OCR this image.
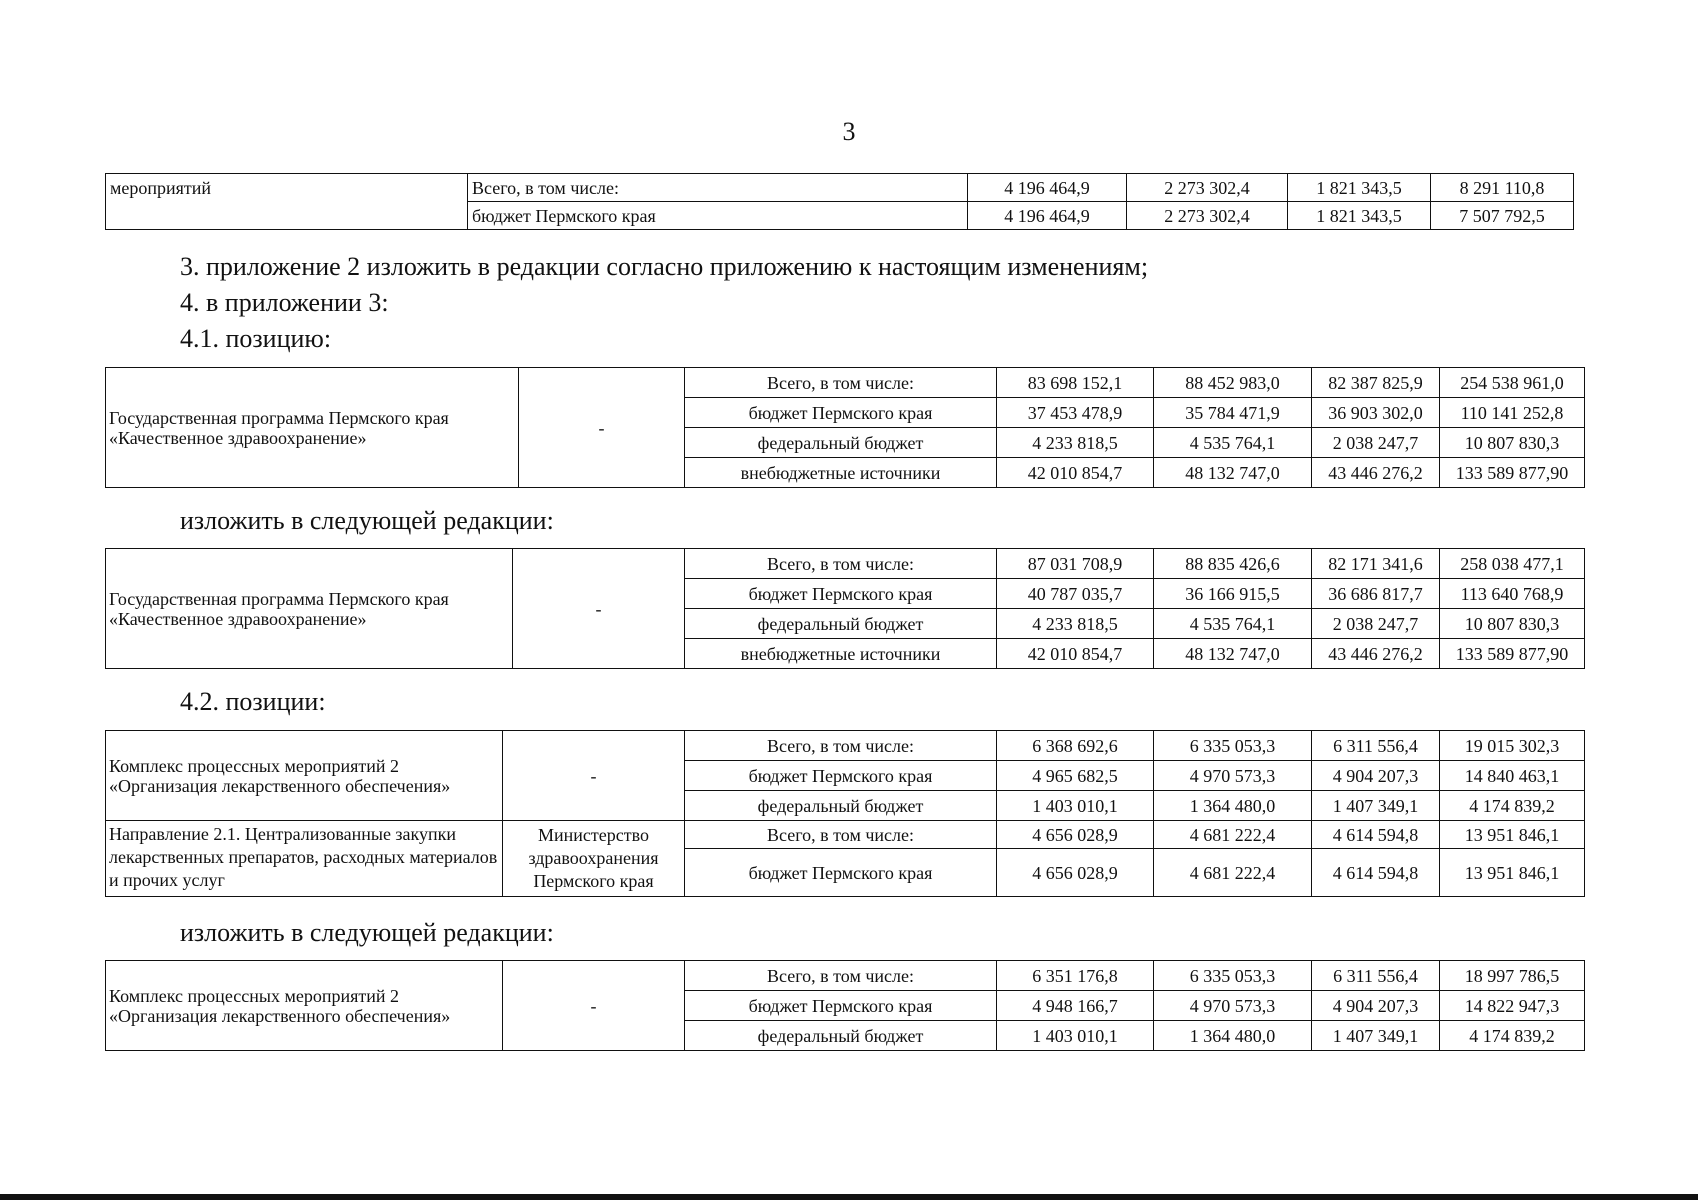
3
мероприятий	Всего, в том числе:	4 196 464,9	2 273 302,4	1 821 343,5	8 291 110,8
	бюджет Пермского края	4 196 464,9	2 273 302,4	1 821 343,5	7 507 792,5
3. приложение 2 изложить в редакции согласно приложению к настоящим изменениям;
4. в приложении 3:
4.1. позицию:
Государственная программа Пермского края «Качественное здравоохранение»	-	Всего, в том числе:	83 698 152,1	88 452 983,0	82 387 825,9	254 538 961,0
		бюджет Пермского края	37 453 478,9	35 784 471,9	36 903 302,0	110 141 252,8
		федеральный бюджет	4 233 818,5	4 535 764,1	2 038 247,7	10 807 830,3
		внебюджетные источники	42 010 854,7	48 132 747,0	43 446 276,2	133 589 877,90
изложить в следующей редакции:
Государственная программа Пермского края «Качественное здравоохранение»	-	Всего, в том числе:	87 031 708,9	88 835 426,6	82 171 341,6	258 038 477,1
		бюджет Пермского края	40 787 035,7	36 166 915,5	36 686 817,7	113 640 768,9
		федеральный бюджет	4 233 818,5	4 535 764,1	2 038 247,7	10 807 830,3
		внебюджетные источники	42 010 854,7	48 132 747,0	43 446 276,2	133 589 877,90
4.2. позиции:
Комплекс процессных мероприятий 2 «Организация лекарственного обеспечения»	-	Всего, в том числе:	6 368 692,6	6 335 053,3	6 311 556,4	19 015 302,3
		бюджет Пермского края	4 965 682,5	4 970 573,3	4 904 207,3	14 840 463,1
		федеральный бюджет	1 403 010,1	1 364 480,0	1 407 349,1	4 174 839,2
Направление 2.1. Централизованные закупки лекарственных препаратов, расходных материалов и прочих услуг	Министерство здравоохранения Пермского края	Всего, в том числе:	4 656 028,9	4 681 222,4	4 614 594,8	13 951 846,1
		бюджет Пермского края	4 656 028,9	4 681 222,4	4 614 594,8	13 951 846,1
изложить в следующей редакции:
Комплекс процессных мероприятий 2 «Организация лекарственного обеспечения»	-	Всего, в том числе:	6 351 176,8	6 335 053,3	6 311 556,4	18 997 786,5
		бюджет Пермского края	4 948 166,7	4 970 573,3	4 904 207,3	14 822 947,3
		федеральный бюджет	1 403 010,1	1 364 480,0	1 407 349,1	4 174 839,2
